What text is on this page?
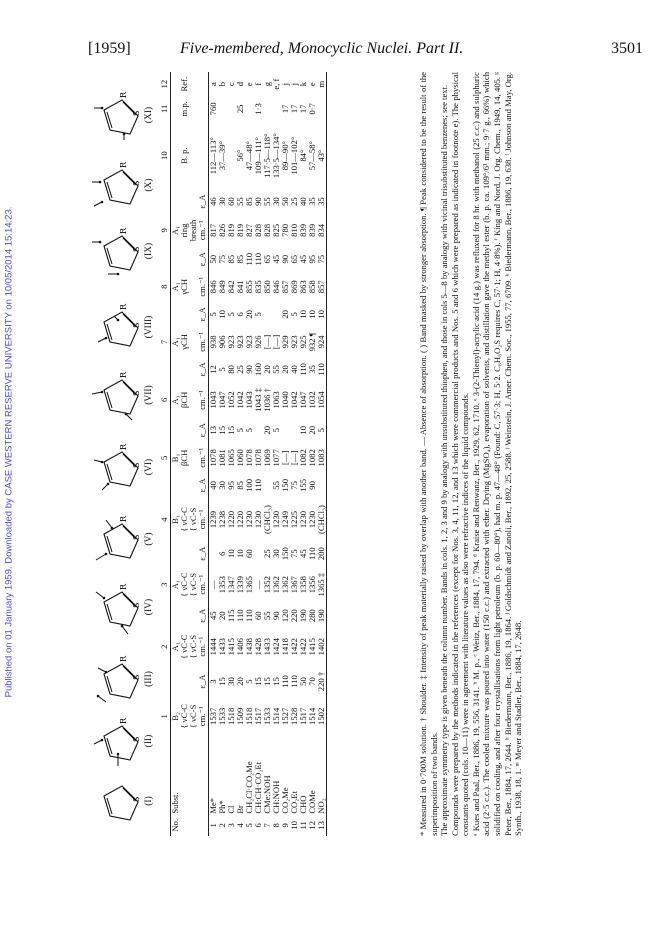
Published on 01 January 1959. Downloaded by CASE WESTERN RESERVE UNIVERSITY on 10/05/2014 15:14:23.
[1959]	Five-membered, Monocyclic Nuclei. Part II.	3501
S (I)
S
R
(II)
S
R
(III)
S
R
(IV)
S
R
(V)
S
R
(VI)
S
R
(VII)
S
R
(VIII)
S
R
(IX)
S
R
(X)
S
R
(XI)
		1		2		3		4		5		6		7		8		9		10	11	12

No.	Subst.	B₂		A₁		A₁		B₁		B₁		A₁		A₁		A₁		A₁				
		{ νC-C		{ νC-C		{ νC-C		{ νC-C		βCH		βCH		γCH		γCH		ring		B. p.	m.p.	Ref.
		{ νC-S		{ νC-S		{ νC-S		{ νC-S										breath				
		cm.⁻¹	ε_A	cm.⁻¹	ε_A	cm.⁻¹	ε_A	cm.⁻¹	ε_A	cm.⁻¹	ε_A	cm.⁻¹	ε_A	cm.⁻¹	ε_A	cm.⁻¹	ε_A	cm.⁻¹	ε_A			

1	Me*	1537	3	1444	45	—		1239	40	1078	13	1043	12	938	5	846	50	817	46	112—113°	760	a
2	Ph*	1533	15	1433	20	1353	6	1238	30	1081	15	1047	5	906	10	849	75	826	30	37—39°		b
3	Cl	1518	30	1415	115	1347	10	1220	95	1065	15	1052	80	923	5	842	85	819	60			c
4	Br	1509	20	1406	110	1339	10	1220	85	1060	5	1042	25	923	6	841	85	819	55	56°	25	d
5	CH₂Cl·CO₂Me	1518	5	1438	110	1365	60	1230	100	1078	5	1043	90	923	20	855	110	827	85	47—48°		e
6	CH:CH·CO₂Et	1517	15	1428	60	—		1230	110	1078		1043 ‡	160	926	5	835	110	828	90	109—111°	1·3	f
7	CMe:NOH	1533	15	1433	55	1352	25	(CHCl₃)		1069	20	1036 †	20	[—]		850	65	828	55	117·5—118°		g
8	CH:NOH	1514	15	1424	90	1362	30	1230	55	1077	5	1063	55	[—]		846	45	825	30	133·5—134°		e, f
9	CO₂Me	1527	110	1418	120	1362	150	1249	150	[—]		1040	20	929	20	857	90	780	50	89—90°	17	j
10	CO₂Et	1528	110	1422	220	1367	75	1225	75	[—]		1042	40	923	5	869	65	810	25	101—102°	17	j
11	CHO	1517	50	1422	190	1358	45	1230	155	1082	10	1047	110	925	10	863	45	839	40	84°	17	k
12	COMe	1514	70	1415	280	1356	110	1230	90	1082	20	1032	35	932 ¶	10	858	95	839	35	57—58°	0·7	e
13	NO₂	1502	220 †	1402	190	1365 ‡	200	(CHCl₃)		1083	5	1054	110	924	10	857	75	834	35	43°		m	* Measured in 0·700M solution. † Shoulder. ‡ Intensity of peak materially raised by overlap with another band. — Absence of absorption. ( ) Band masked by stronger absorption. ¶ Peak considered to be the result of the superimposition of two bands. The approximate symmetry type is given beneath the column number. Bands in cols. 1, 2, 3 and 9 by analogy with unsubstituted thiophen, and those in cols 5—8 by analogy with vicinal trisubstituted benzenes; see text. Compounds were prepared by the methods indicated in the references (except for Nos. 3, 4, 11, 12, and 13 which were commercial products and Nos. 5 and 6 which were prepared as indicated in footnote e). The physical constants quoted (cols. 10—11) were in agreement with literature values as also were refractive indices of the liquid compounds. ᵃ Kues and Paal, Ber., 1886, 19, 556, 3141. ᵇ M. p., ᶜ Weitz, Ber., 1884, 17, 794. ᵈ Kraise and Renwanz, Ber., 1929, 62, 1710. ᵉ 3-(2-Thienyl)-acrylic acid (14 g.) was refluxed for 8 hr. with methanol (25 c.c.) and sulphuric acid (2·5 c.c.). The cooled mixture was poured into water (150 c.c.) and extracted with ether. Drying (MgSO₄), evaporation of solvents, and distillation gave the methyl ester (b. p. ca. 109°/6¹ mm.; 9·7 g., 66%) which solidified on cooling, and after four crystallisations from light petroleum (b. p. 60—80°), had m. p. 47—48° (Found: C, 57·3; H, 5·2. C₈H₈O₂S requires C, 57·1; H, 4·8%). ᶠ King and Nord, J. Org. Chem., 1949, 14, 405. ᵍ Peter, Ber., 1884, 17, 2644. ʰ Biedermann, Ber., 1886, 19, 1864. ʲ Goldschmidt and Zanoli, Ber., 1892, 25, 2588. ʲ Weinstein, J. Amer. Chem. Soc., 1955, 77, 6709. ᵏ Biedermann, Ber., 1886, 19, 638. ˡ Johnson and May, Org. Synth., 1938, 18, 1. ᵐ Meyer and Stadler, Ber., 1884, 17, 2648.
